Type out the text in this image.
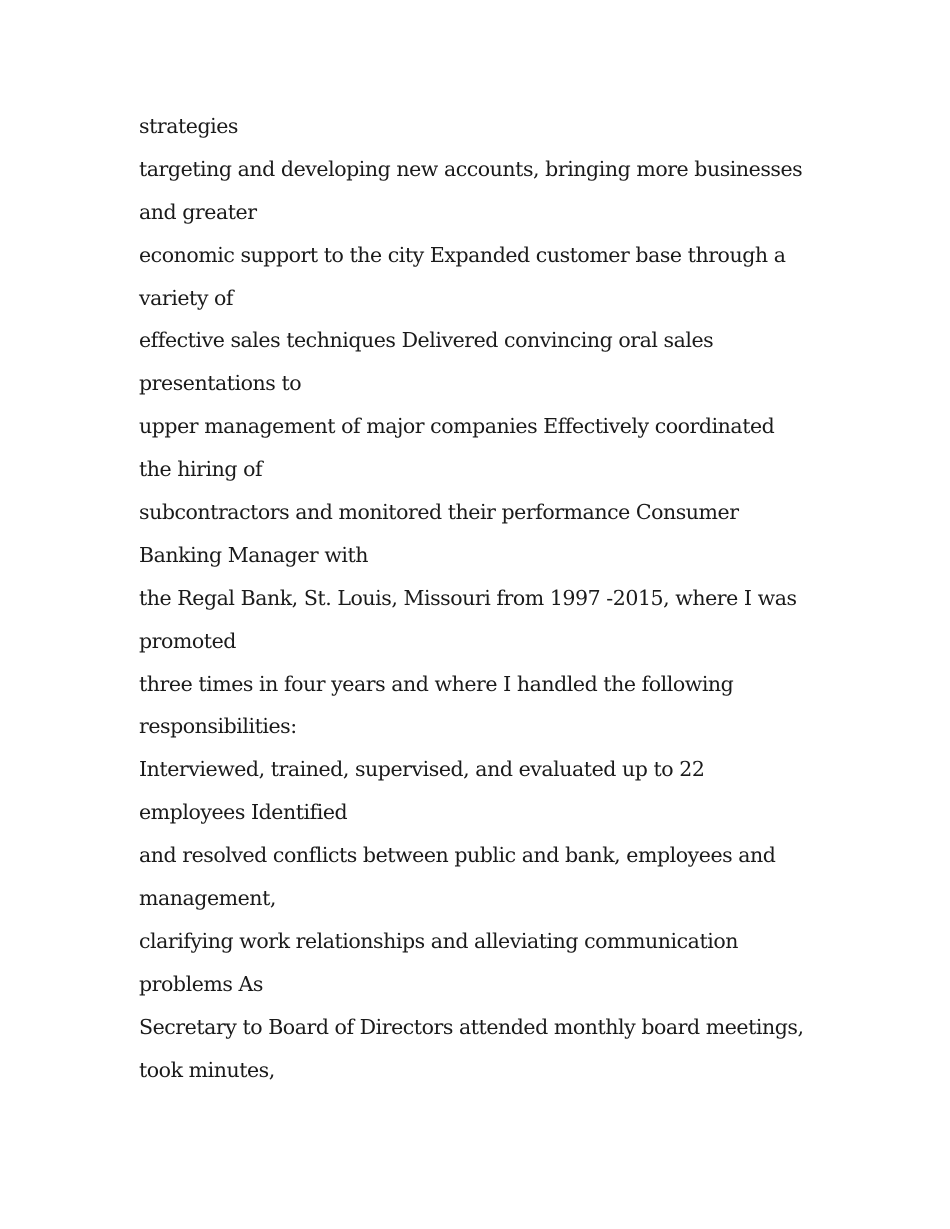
strategies
targeting and developing new accounts, bringing more businesses
and greater
economic support to the city Expanded customer base through a
variety of
effective sales techniques Delivered convincing oral sales
presentations to
upper management of major companies Effectively coordinated
the hiring of
subcontractors and monitored their performance Consumer
Banking Manager with
the Regal Bank, St. Louis, Missouri from 1997 -2015, where I was
promoted
three times in four years and where I handled the following
responsibilities:
Interviewed, trained, supervised, and evaluated up to 22
employees Identified
and resolved conflicts between public and bank, employees and
management,
clarifying work relationships and alleviating communication
problems As
Secretary to Board of Directors attended monthly board meetings,
took minutes,
